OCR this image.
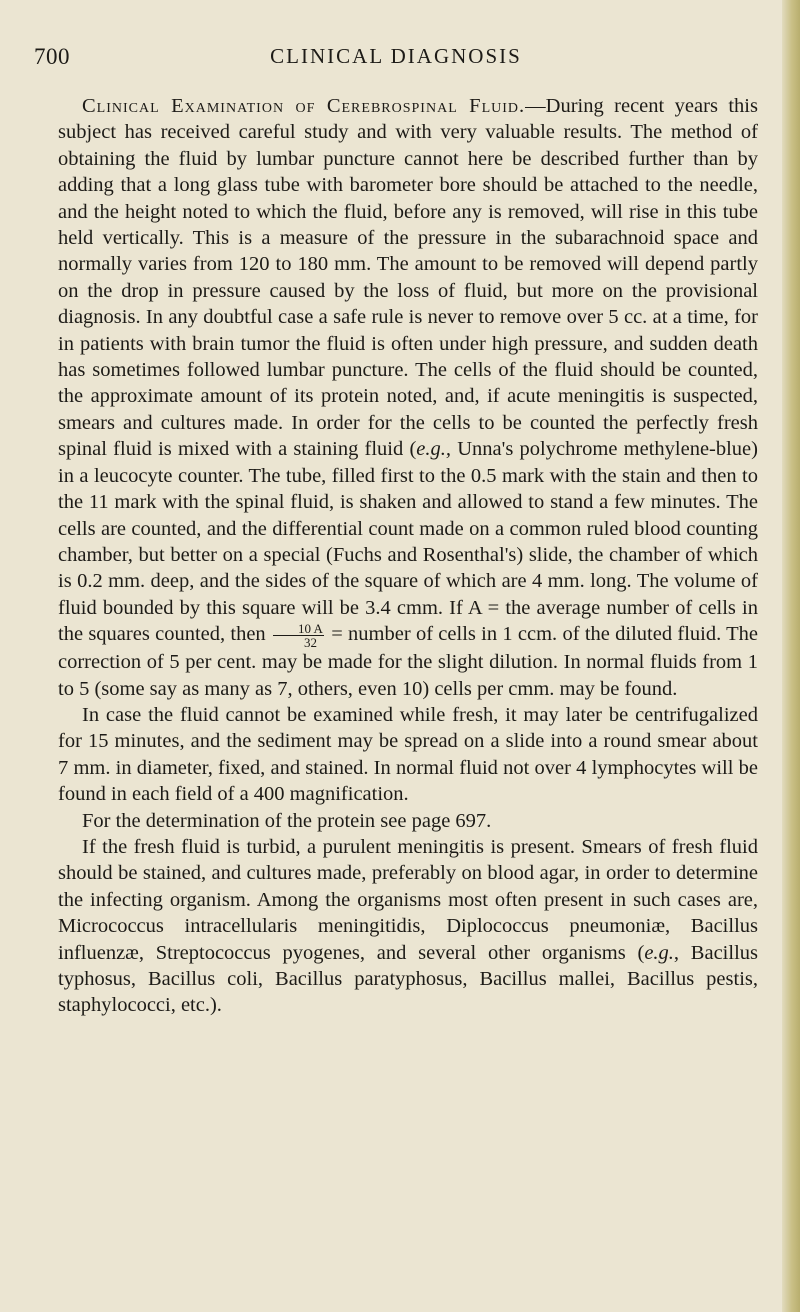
700	CLINICAL DIAGNOSIS

Clinical Examination of Cerebrospinal Fluid.—During recent years this subject has received careful study and with very valuable results. The method of obtaining the fluid by lumbar puncture cannot here be described further than by adding that a long glass tube with barometer bore should be attached to the needle, and the height noted to which the fluid, before any is removed, will rise in this tube held vertically. This is a measure of the pressure in the subarachnoid space and normally varies from 120 to 180 mm. The amount to be removed will depend partly on the drop in pressure caused by the loss of fluid, but more on the provisional diagnosis. In any doubtful case a safe rule is never to remove over 5 cc. at a time, for in patients with brain tumor the fluid is often under high pressure, and sudden death has sometimes followed lumbar puncture. The cells of the fluid should be counted, the approximate amount of its protein noted, and, if acute meningitis is suspected, smears and cultures made. In order for the cells to be counted the perfectly fresh spinal fluid is mixed with a staining fluid (e.g., Unna's polychrome methylene-blue) in a leucocyte counter. The tube, filled first to the 0.5 mark with the stain and then to the 11 mark with the spinal fluid, is shaken and allowed to stand a few minutes. The cells are counted, and the differential count made on a common ruled blood counting chamber, but better on a special (Fuchs and Rosenthal's) slide, the chamber of which is 0.2 mm. deep, and the sides of the square of which are 4 mm. long. The volume of fluid bounded by this square will be 3.4 cmm. If A = the average number of cells in the squares counted, then $\frac{10 A}{32}$ = number of cells in 1 ccm. of the diluted fluid. The correction of 5 per cent. may be made for the slight dilution. In normal fluids from 1 to 5 (some say as many as 7, others, even 10) cells per cmm. may be found.

In case the fluid cannot be examined while fresh, it may later be centrifugalized for 15 minutes, and the sediment may be spread on a slide into a round smear about 7 mm. in diameter, fixed, and stained. In normal fluid not over 4 lymphocytes will be found in each field of a 400 magnification.

For the determination of the protein see page 697.

If the fresh fluid is turbid, a purulent meningitis is present. Smears of fresh fluid should be stained, and cultures made, preferably on blood agar, in order to determine the infecting organism. Among the organisms most often present in such cases are, Micrococcus intracellularis meningitidis, Diplococcus pneumoniæ, Bacillus influenzæ, Streptococcus pyogenes, and several other organisms (e.g., Bacillus typhosus, Bacillus coli, Bacillus paratyphosus, Bacillus mallei, Bacillus pestis, staphylococci, etc.).
